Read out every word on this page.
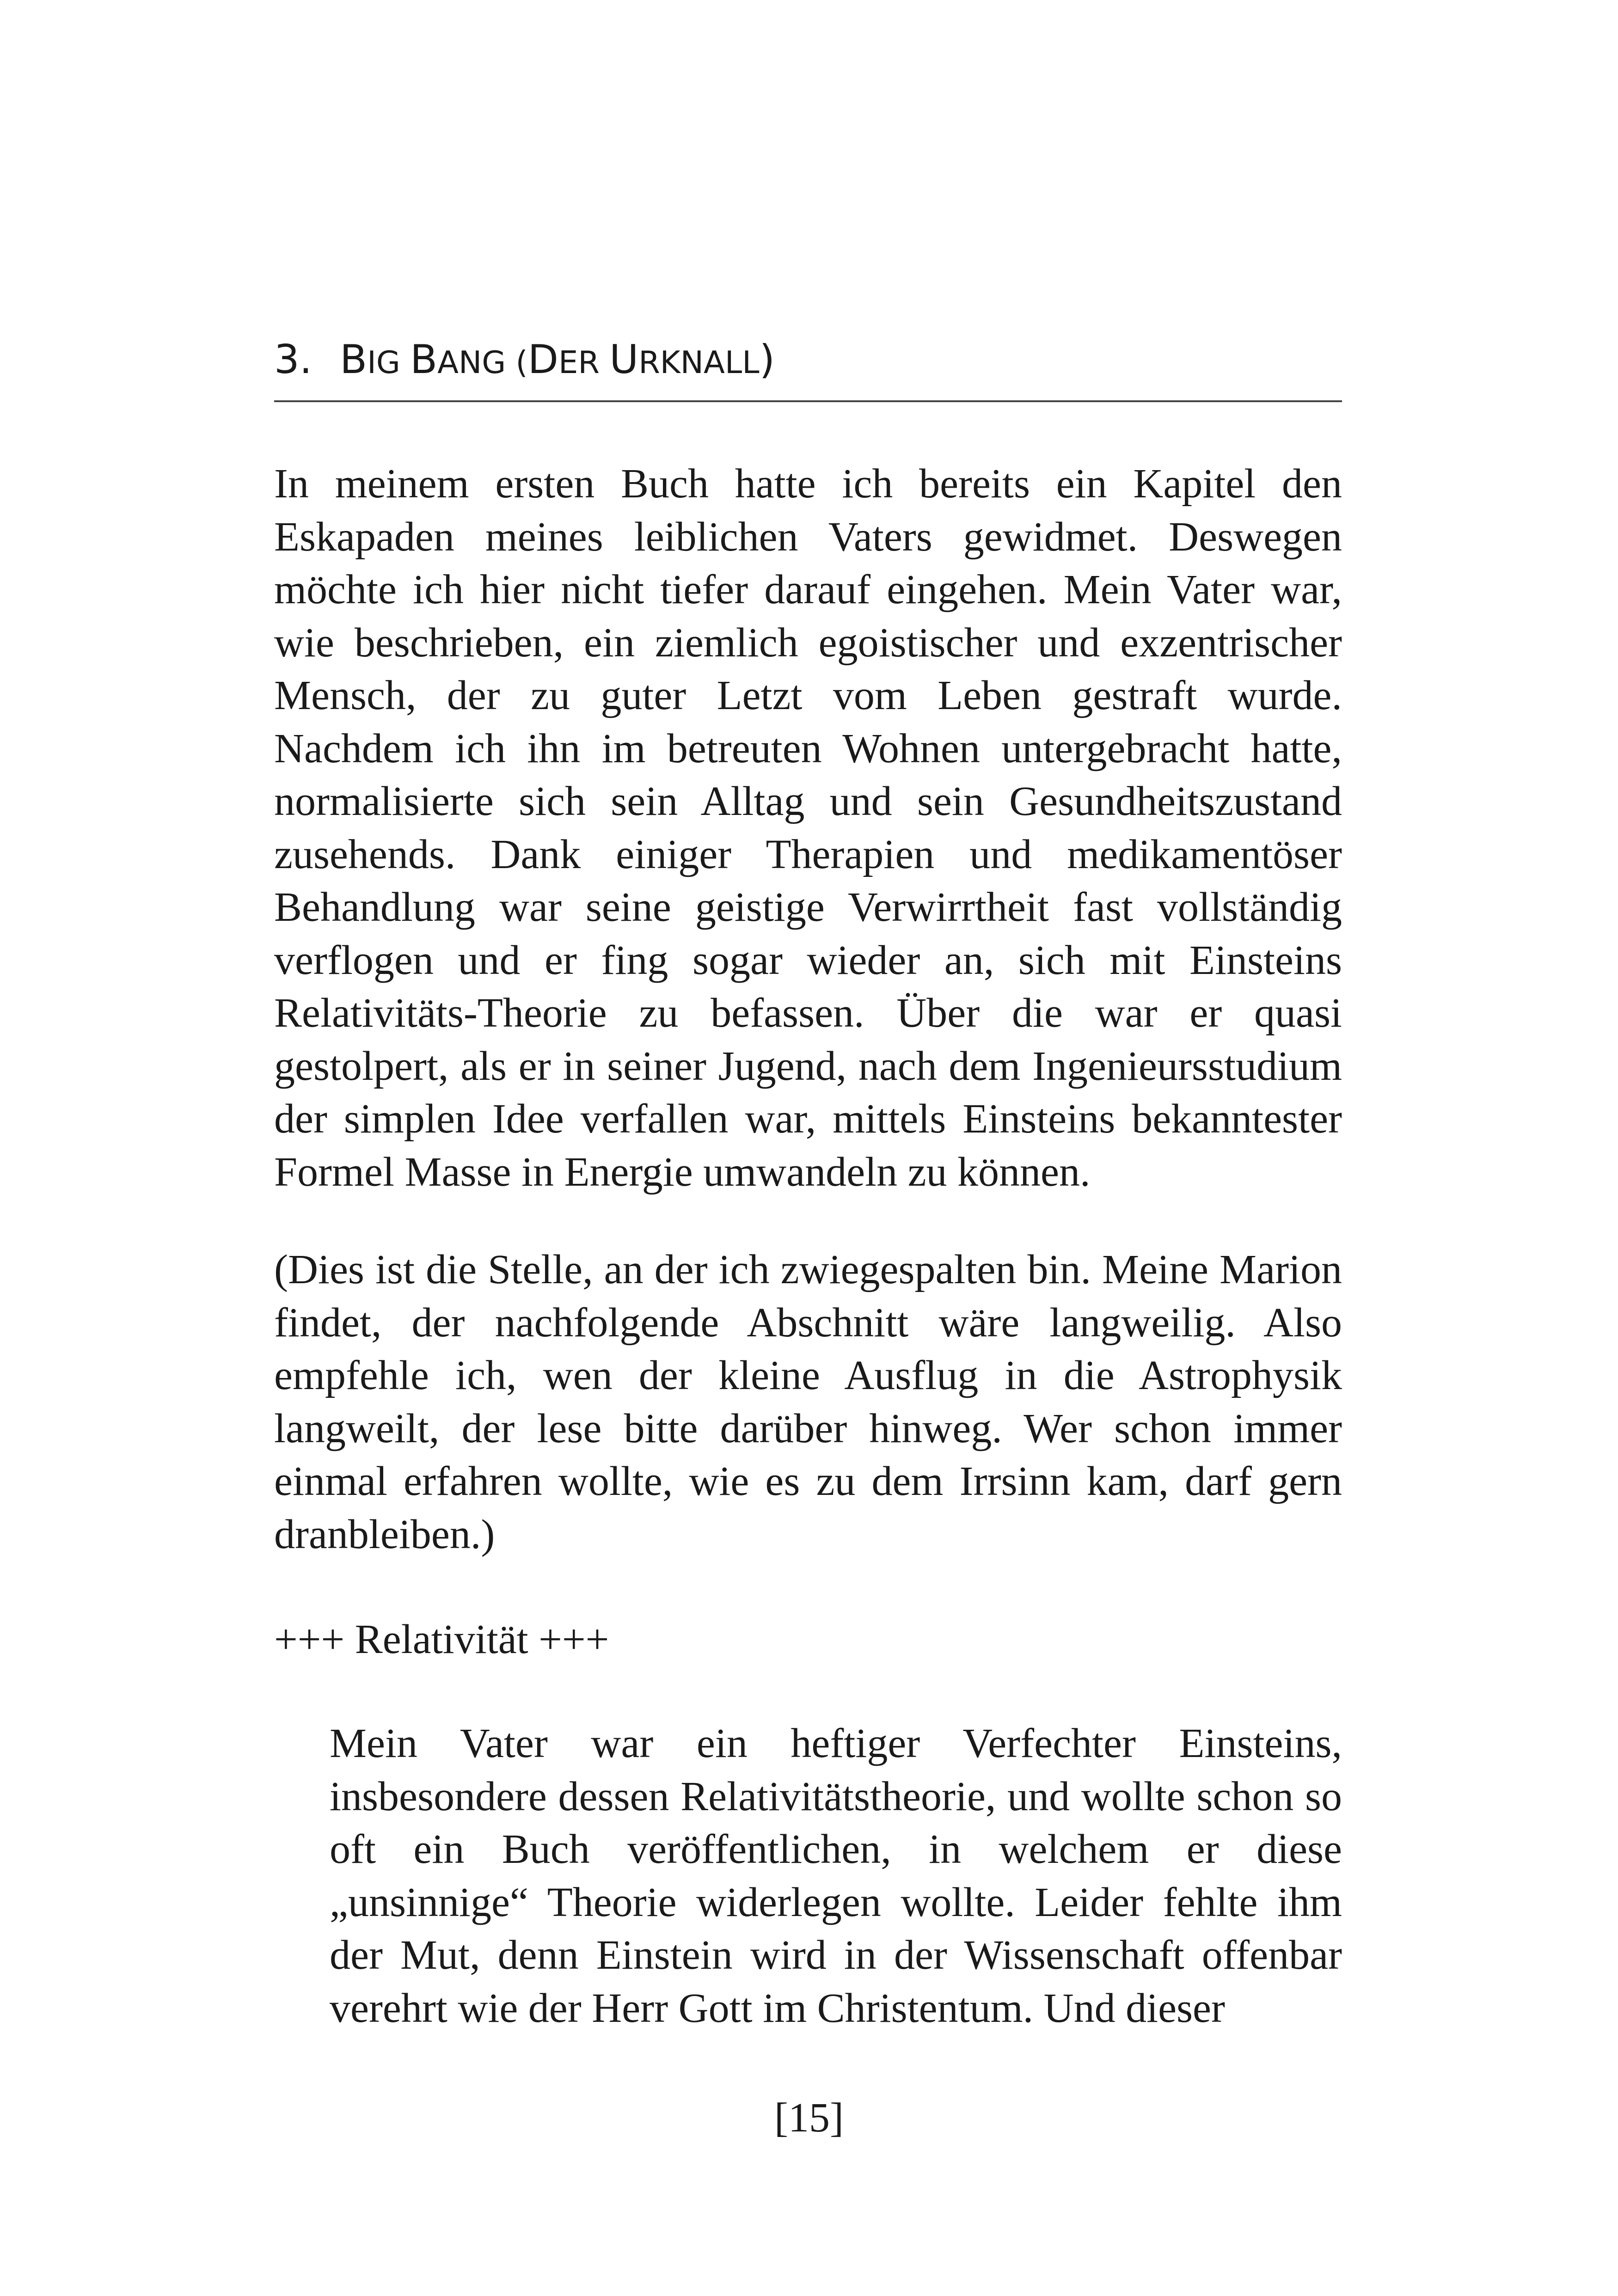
3. BIG BANG (DER URKNALL)

In meinem ersten Buch hatte ich bereits ein Kapitel den Eskapaden meines leiblichen Vaters gewidmet. Deswegen möchte ich hier nicht tiefer darauf eingehen. Mein Vater war, wie beschrieben, ein ziemlich egoistischer und exzentrischer Mensch, der zu guter Letzt vom Leben gestraft wurde. Nachdem ich ihn im betreuten Wohnen untergebracht hatte, normalisierte sich sein Alltag und sein Gesundheitszustand zusehends. Dank einiger Therapien und medikamentöser Behandlung war seine geistige Verwirrtheit fast vollständig verflogen und er fing sogar wieder an, sich mit Einsteins Relativitäts-Theorie zu befassen. Über die war er quasi gestolpert, als er in seiner Jugend, nach dem Ingenieursstudium der simplen Idee verfallen war, mittels Einsteins bekanntester Formel Masse in Energie umwandeln zu können.

(Dies ist die Stelle, an der ich zwiegespalten bin. Meine Marion findet, der nachfolgende Abschnitt wäre langweilig. Also empfehle ich, wen der kleine Ausflug in die Astrophysik langweilt, der lese bitte darüber hinweg. Wer schon immer einmal erfahren wollte, wie es zu dem Irrsinn kam, darf gern dranbleiben.)

+++ Relativität +++

Mein Vater war ein heftiger Verfechter Einsteins, insbesondere dessen Relativitätstheorie, und wollte schon so oft ein Buch veröffentlichen, in welchem er diese „unsinnige“ Theorie widerlegen wollte. Leider fehlte ihm der Mut, denn Einstein wird in der Wissenschaft offenbar verehrt wie der Herr Gott im Christentum. Und dieser

[15]
